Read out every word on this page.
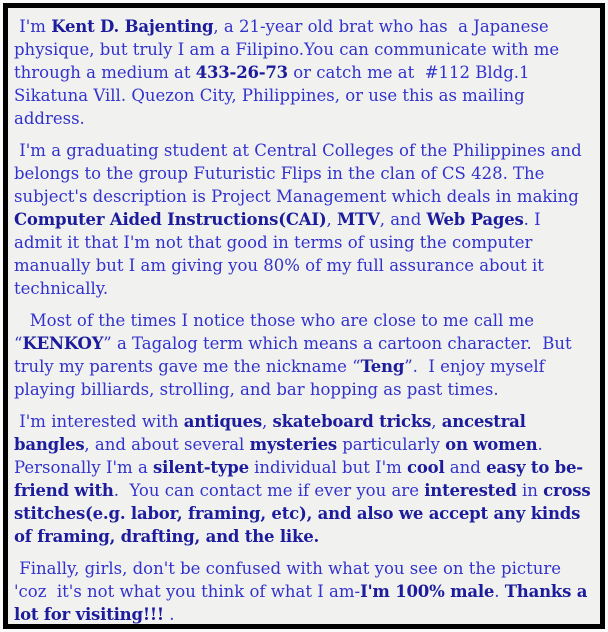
I'm Kent D. Bajenting, a 21-year old brat who has  a Japanese physique, but truly I am a Filipino.You can communicate with me through a medium at 433-26-73 or catch me at  #112 Bldg.1 Sikatuna Vill. Quezon City, Philippines, or use this as mailing address.

I'm a graduating student at Central Colleges of the Philippines and  belongs to the group Futuristic Flips in the clan of CS 428. The subject's description is Project Management which deals in making Computer Aided Instructions(CAI), MTV, and Web Pages. I admit it that I'm not that good in terms of using the computer manually but I am giving you 80% of my full assurance about it technically.

Most of the times I notice those who are close to me call me “KENKOY” a Tagalog term which means a cartoon character.  But truly my parents gave me the nickname “Teng”.  I enjoy myself playing billiards, strolling, and bar hopping as past times.

I'm interested with antiques, skateboard tricks, ancestral bangles, and about several mysteries particularly on women. Personally I'm a silent-type individual but I'm cool and easy to be-friend with.  You can contact me if ever you are interested in cross stitches(e.g. labor, framing, etc), and also we accept any kinds of framing, drafting, and the like.

Finally, girls, don't be confused with what you see on the picture 'coz  it's not what you think of what I am-I'm 100% male. Thanks a lot for visiting!!! .
